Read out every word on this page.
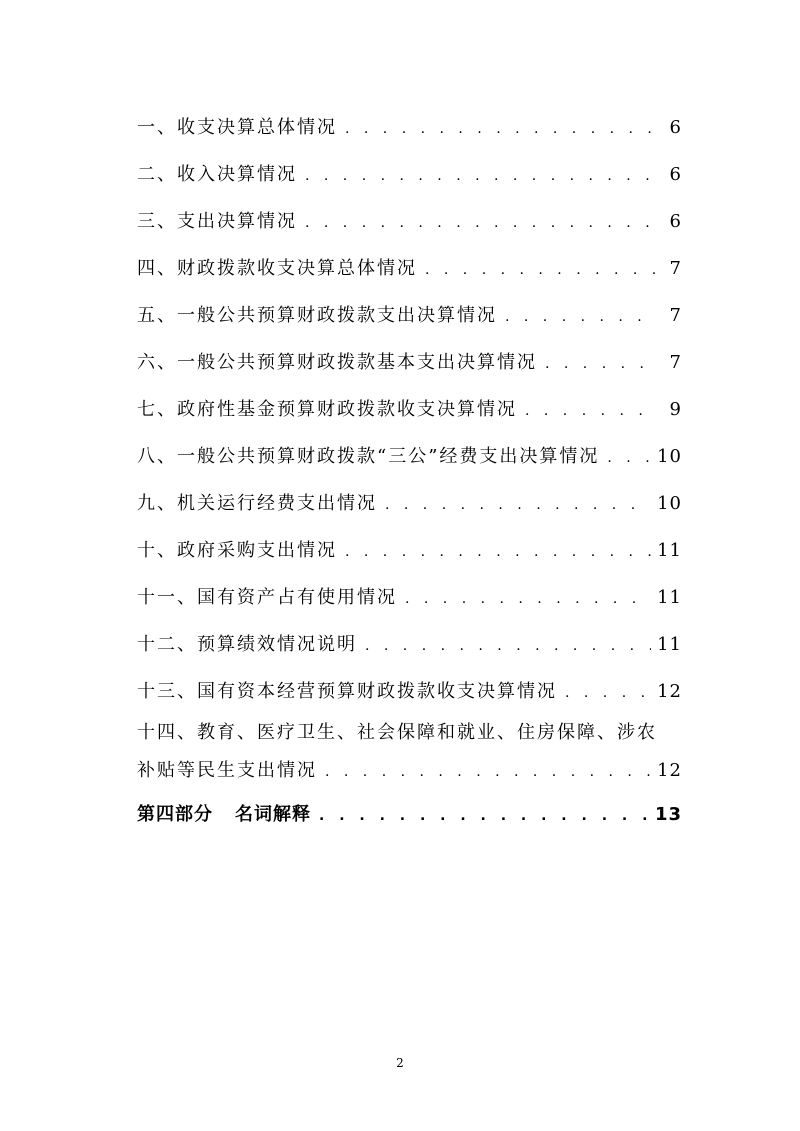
一、收支决算总体情况 . . .	6
二、收入决算情况 . . .	6
三、支出决算情况 . . .	6
四、财政拨款收支决算总体情况 . . .	7
五、一般公共预算财政拨款支出决算情况 . . .	7
六、一般公共预算财政拨款基本支出决算情况 . . .	7
七、政府性基金预算财政拨款收支决算情况 . . .	9
八、一般公共预算财政拨款“三公”经费支出决算情况 . . .	10
九、机关运行经费支出情况 . . .	10
十、政府采购支出情况 . . .	11
十一、国有资产占有使用情况 . . .	11
十二、预算绩效情况说明 . . .	11
十三、国有资本经营预算财政拨款收支决算情况 . . .	12
十四、教育、医疗卫生、社会保障和就业、住房保障、涉农
补贴等民生支出情况 . . .	12
第四部分 名词解释 . . .	13
2
